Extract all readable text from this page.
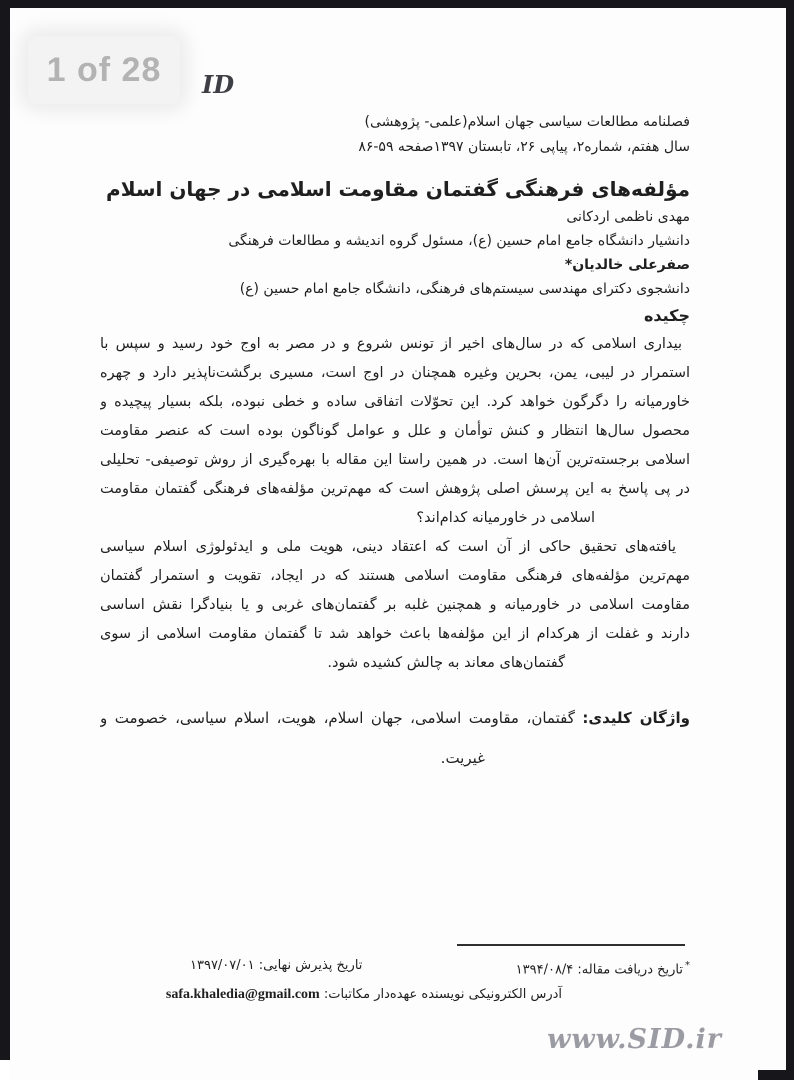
ID
فصلنامه مطالعات سیاسی جهان اسلام(علمی- پژوهشی)
سال هفتم، شماره۲، پیاپی ۲۶، تابستان ۱۳۹۷صفحه ۵۹-۸۶
مؤلفه‌های فرهنگی گفتمان مقاومت اسلامی در جهان اسلام
مهدی ناظمی اردکانی
دانشیار دانشگاه جامع امام حسین (ع)، مسئول گروه اندیشه و مطالعات فرهنگی
صفرعلی خالدیان*
دانشجوی دکترای مهندسی سیستم‌های فرهنگی، دانشگاه جامع امام حسین (ع)
چکیده
بیداری اسلامی که در سال‌های اخیر از تونس شروع و در مصر به اوج خود رسید و سپس با
استمرار در لیبی، یمن، بحرین وغیره همچنان در اوج است، مسیری برگشت‌ناپذیر دارد و چهره
خاورمیانه را دگرگون خواهد کرد. این تحوّلات اتفاقی ساده و خطی نبوده، بلکه بسیار پیچیده و
محصول سال‌ها انتظار و کنش توأمان و علل و عوامل گوناگون بوده است که عنصر مقاومت
اسلامی برجسته‌ترین آن‌ها است. در همین راستا این مقاله با بهره‌گیری از روش توصیفی- تحلیلی
در پی پاسخ به این پرسش اصلی پژوهش است که مهم‌ترین مؤلفه‌های فرهنگی گفتمان مقاومت
اسلامی در خاورمیانه کدام‌اند؟
یافته‌های تحقیق حاکی از آن است که اعتقاد دینی، هویت ملی و ایدئولوژی اسلام سیاسی
مهم‌ترین مؤلفه‌های فرهنگی مقاومت اسلامی هستند که در ایجاد، تقویت و استمرار گفتمان
مقاومت اسلامی در خاورمیانه و همچنین غلبه بر گفتمان‌های غربی و یا بنیادگرا نقش اساسی
دارند و غفلت از هرکدام از این مؤلفه‌ها باعث خواهد شد تا گفتمان مقاومت اسلامی از سوی
گفتمان‌های معاند به چالش کشیده شود.
واژگان کلیدی: گفتمان، مقاومت اسلامی، جهان اسلام، هویت، اسلام سیاسی، خصومت و
غیریت.
*تاریخ دریافت مقاله: ۱۳۹۴/۰۸/۴
تاریخ پذیرش نهایی: ۱۳۹۷/۰۷/۰۱
آدرس الکترونیکی نویسنده عهده‌دار مکاتبات: safa.khaledia@gmail.com
www.SID.ir
1 of 28
